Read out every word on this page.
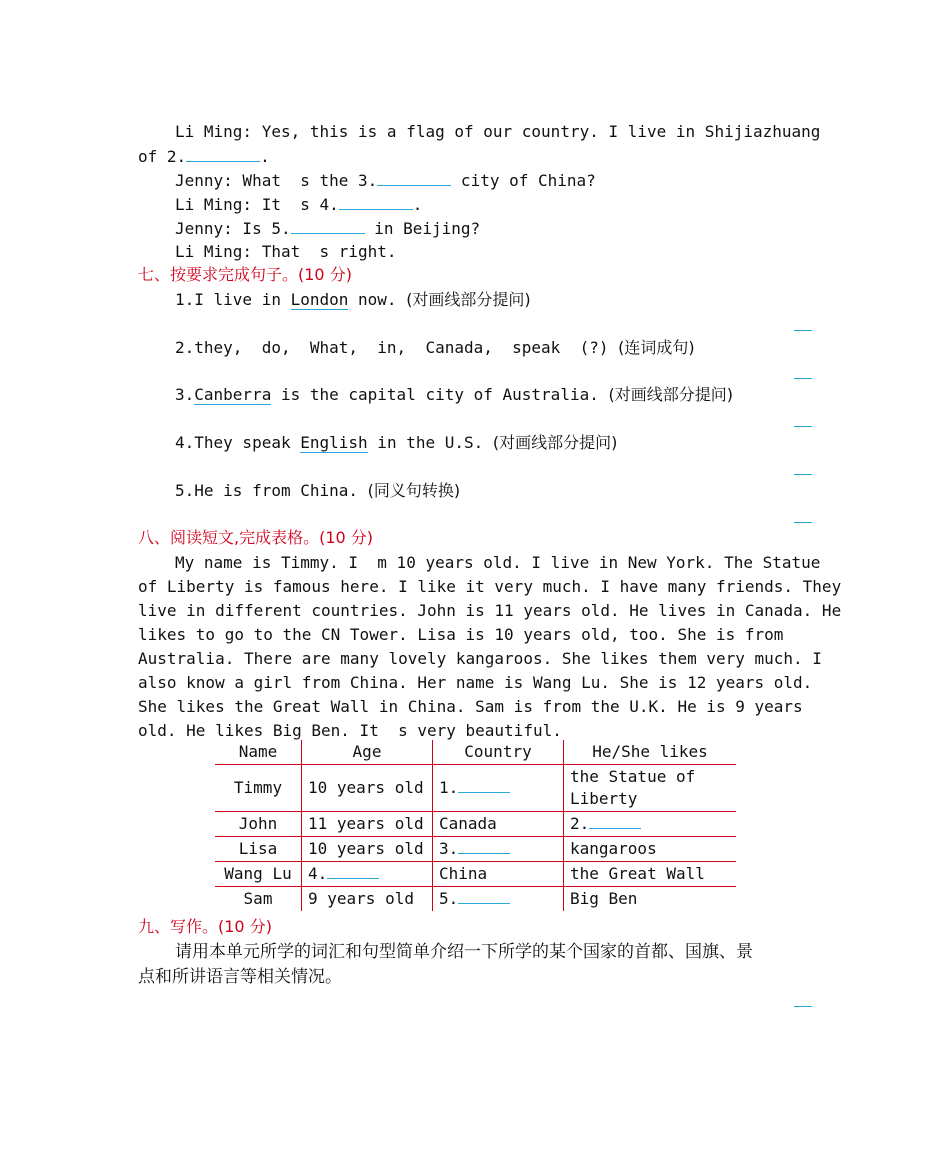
Li Ming: Yes, this is a flag of our country. I live in Shijiazhuang
of 2.	.
Jenny: What  s the 3.	city of China?
Li Ming: It  s 4.	.
Jenny: Is 5.	in Beijing?
Li Ming: That  s right.
七、按要求完成句子。(10 分)
1.I live in London now. (对画线部分提问)
2.they,  do,  What,  in,  Canada,  speak  (?) (连词成句)
3.Canberra is the capital city of Australia. (对画线部分提问)
4.They speak English in the U.S. (对画线部分提问)
5.He is from China. (同义句转换)
八、阅读短文,完成表格。(10 分)
My name is Timmy. I  m 10 years old. I live in New York. The Statue
of Liberty is famous here. I like it very much. I have many friends. They
live in different countries. John is 11 years old. He lives in Canada. He
likes to go to the CN Tower. Lisa is 10 years old, too. She is from
Australia. There are many lovely kangaroos. She likes them very much. I
also know a girl from China. Her name is Wang Lu. She is 12 years old.
She likes the Great Wall in China. Sam is from the U.K. He is 9 years
old. He likes Big Ben. It  s very beautiful.
Name	Age	Country	He/She likes
Timmy	10 years old	1.	the Statue of Liberty
John	11 years old	Canada	2.
Lisa	10 years old	3.	kangaroos
Wang Lu	4.	China	the Great Wall
Sam	9 years old	5.	Big Ben
九、写作。(10 分)
请用本单元所学的词汇和句型简单介绍一下所学的某个国家的首都、国旗、景
点和所讲语言等相关情况。
